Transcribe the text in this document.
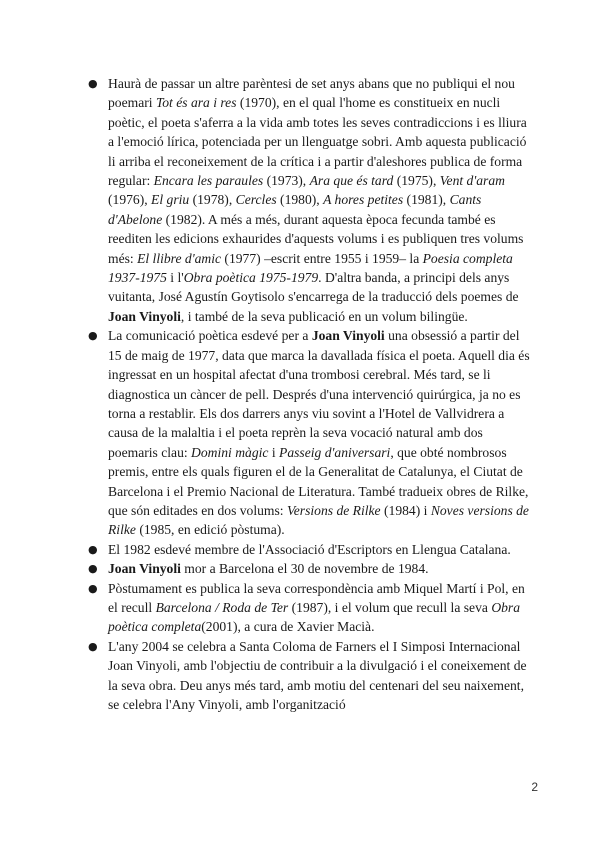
● Haurà de passar un altre parèntesi de set anys abans que no publiqui el nou poemari Tot és ara i res (1970), en el qual l'home es constitueix en nucli poètic, el poeta s'aferra a la vida amb totes les seves contradiccions i es lliura a l'emoció lírica, potenciada per un llenguatge sobri. Amb aquesta publicació li arriba el reconeixement de la crítica i a partir d'aleshores publica de forma regular: Encara les paraules (1973), Ara que és tard (1975), Vent d'aram (1976), El griu (1978), Cercles (1980), A hores petites (1981), Cants d'Abelone (1982). A més a més, durant aquesta època fecunda també es reediten les edicions exhaurides d'aquests volums i es publiquen tres volums més: El llibre d'amic (1977) –escrit entre 1955 i 1959– la Poesia completa 1937-1975 i l'Obra poètica 1975-1979. D'altra banda, a principi dels anys vuitanta, José Agustín Goytisolo s'encarrega de la traducció dels poemes de Joan Vinyoli, i també de la seva publicació en un volum bilingüe.
● La comunicació poètica esdevé per a Joan Vinyoli una obsessió a partir del 15 de maig de 1977, data que marca la davallada física el poeta. Aquell dia és ingressat en un hospital afectat d'una trombosi cerebral. Més tard, se li diagnostica un càncer de pell. Després d'una intervenció quirúrgica, ja no es torna a restablir. Els dos darrers anys viu sovint a l'Hotel de Vallvidrera a causa de la malaltia i el poeta reprèn la seva vocació natural amb dos poemaris clau: Domini màgic i Passeig d'aniversari, que obté nombrosos premis, entre els quals figuren el de la Generalitat de Catalunya, el Ciutat de Barcelona i el Premio Nacional de Literatura. També tradueix obres de Rilke, que són editades en dos volums: Versions de Rilke (1984) i Noves versions de Rilke (1985, en edició pòstuma).
● El 1982 esdevé membre de l'Associació d'Escriptors en Llengua Catalana.
● Joan Vinyoli mor a Barcelona el 30 de novembre de 1984.
● Pòstumament es publica la seva correspondència amb Miquel Martí i Pol, en el recull Barcelona / Roda de Ter (1987), i el volum que recull la seva Obra poètica completa(2001), a cura de Xavier Macià.
● L'any 2004 se celebra a Santa Coloma de Farners el I Simposi Internacional Joan Vinyoli, amb l'objectiu de contribuir a la divulgació i el coneixement de la seva obra. Deu anys més tard, amb motiu del centenari del seu naixement, se celebra l'Any Vinyoli, amb l'organització
2
